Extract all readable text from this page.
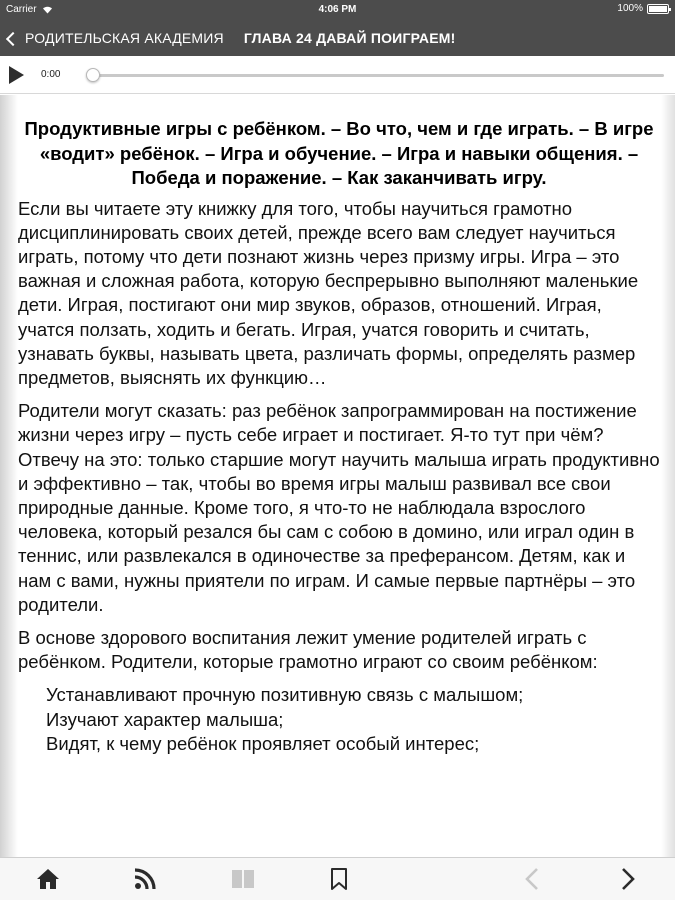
Carrier	4:06 PM	100%
РОДИТЕЛЬСКАЯ АКАДЕМИЯ ГЛАВА 24 ДАВАЙ ПОИГРАЕМ!
0:00
Продуктивные игры с ребёнком. – Во что, чем и где играть. – В игре «водит» ребёнок. – Игра и обучение. – Игра и навыки общения. – Победа и поражение. – Как заканчивать игру.

Если вы читаете эту книжку для того, чтобы научиться грамотно дисциплинировать своих детей, прежде всего вам следует научиться играть, потому что дети познают жизнь через призму игры. Игра – это важная и сложная работа, которую беспрерывно выполняют маленькие дети. Играя, постигают они мир звуков, образов, отношений. Играя, учатся ползать, ходить и бегать. Играя, учатся говорить и считать, узнавать буквы, называть цвета, различать формы, определять размер предметов, выяснять их функцию…

Родители могут сказать: раз ребёнок запрограммирован на постижение жизни через игру – пусть себе играет и постигает. Я-то тут при чём? Отвечу на это: только старшие могут научить малыша играть продуктивно и эффективно – так, чтобы во время игры малыш развивал все свои природные данные. Кроме того, я что-то не наблюдала взрослого человека, который резался бы сам с собою в домино, или играл один в теннис, или развлекался в одиночестве за преферансом. Детям, как и нам с вами, нужны приятели по играм. И самые первые партнёры – это родители.

В основе здорового воспитания лежит умение родителей играть с ребёнком. Родители, которые грамотно играют со своим ребёнком:

Устанавливают прочную позитивную связь с малышом;
Изучают характер малыша;
Видят, к чему ребёнок проявляет особый интерес;
